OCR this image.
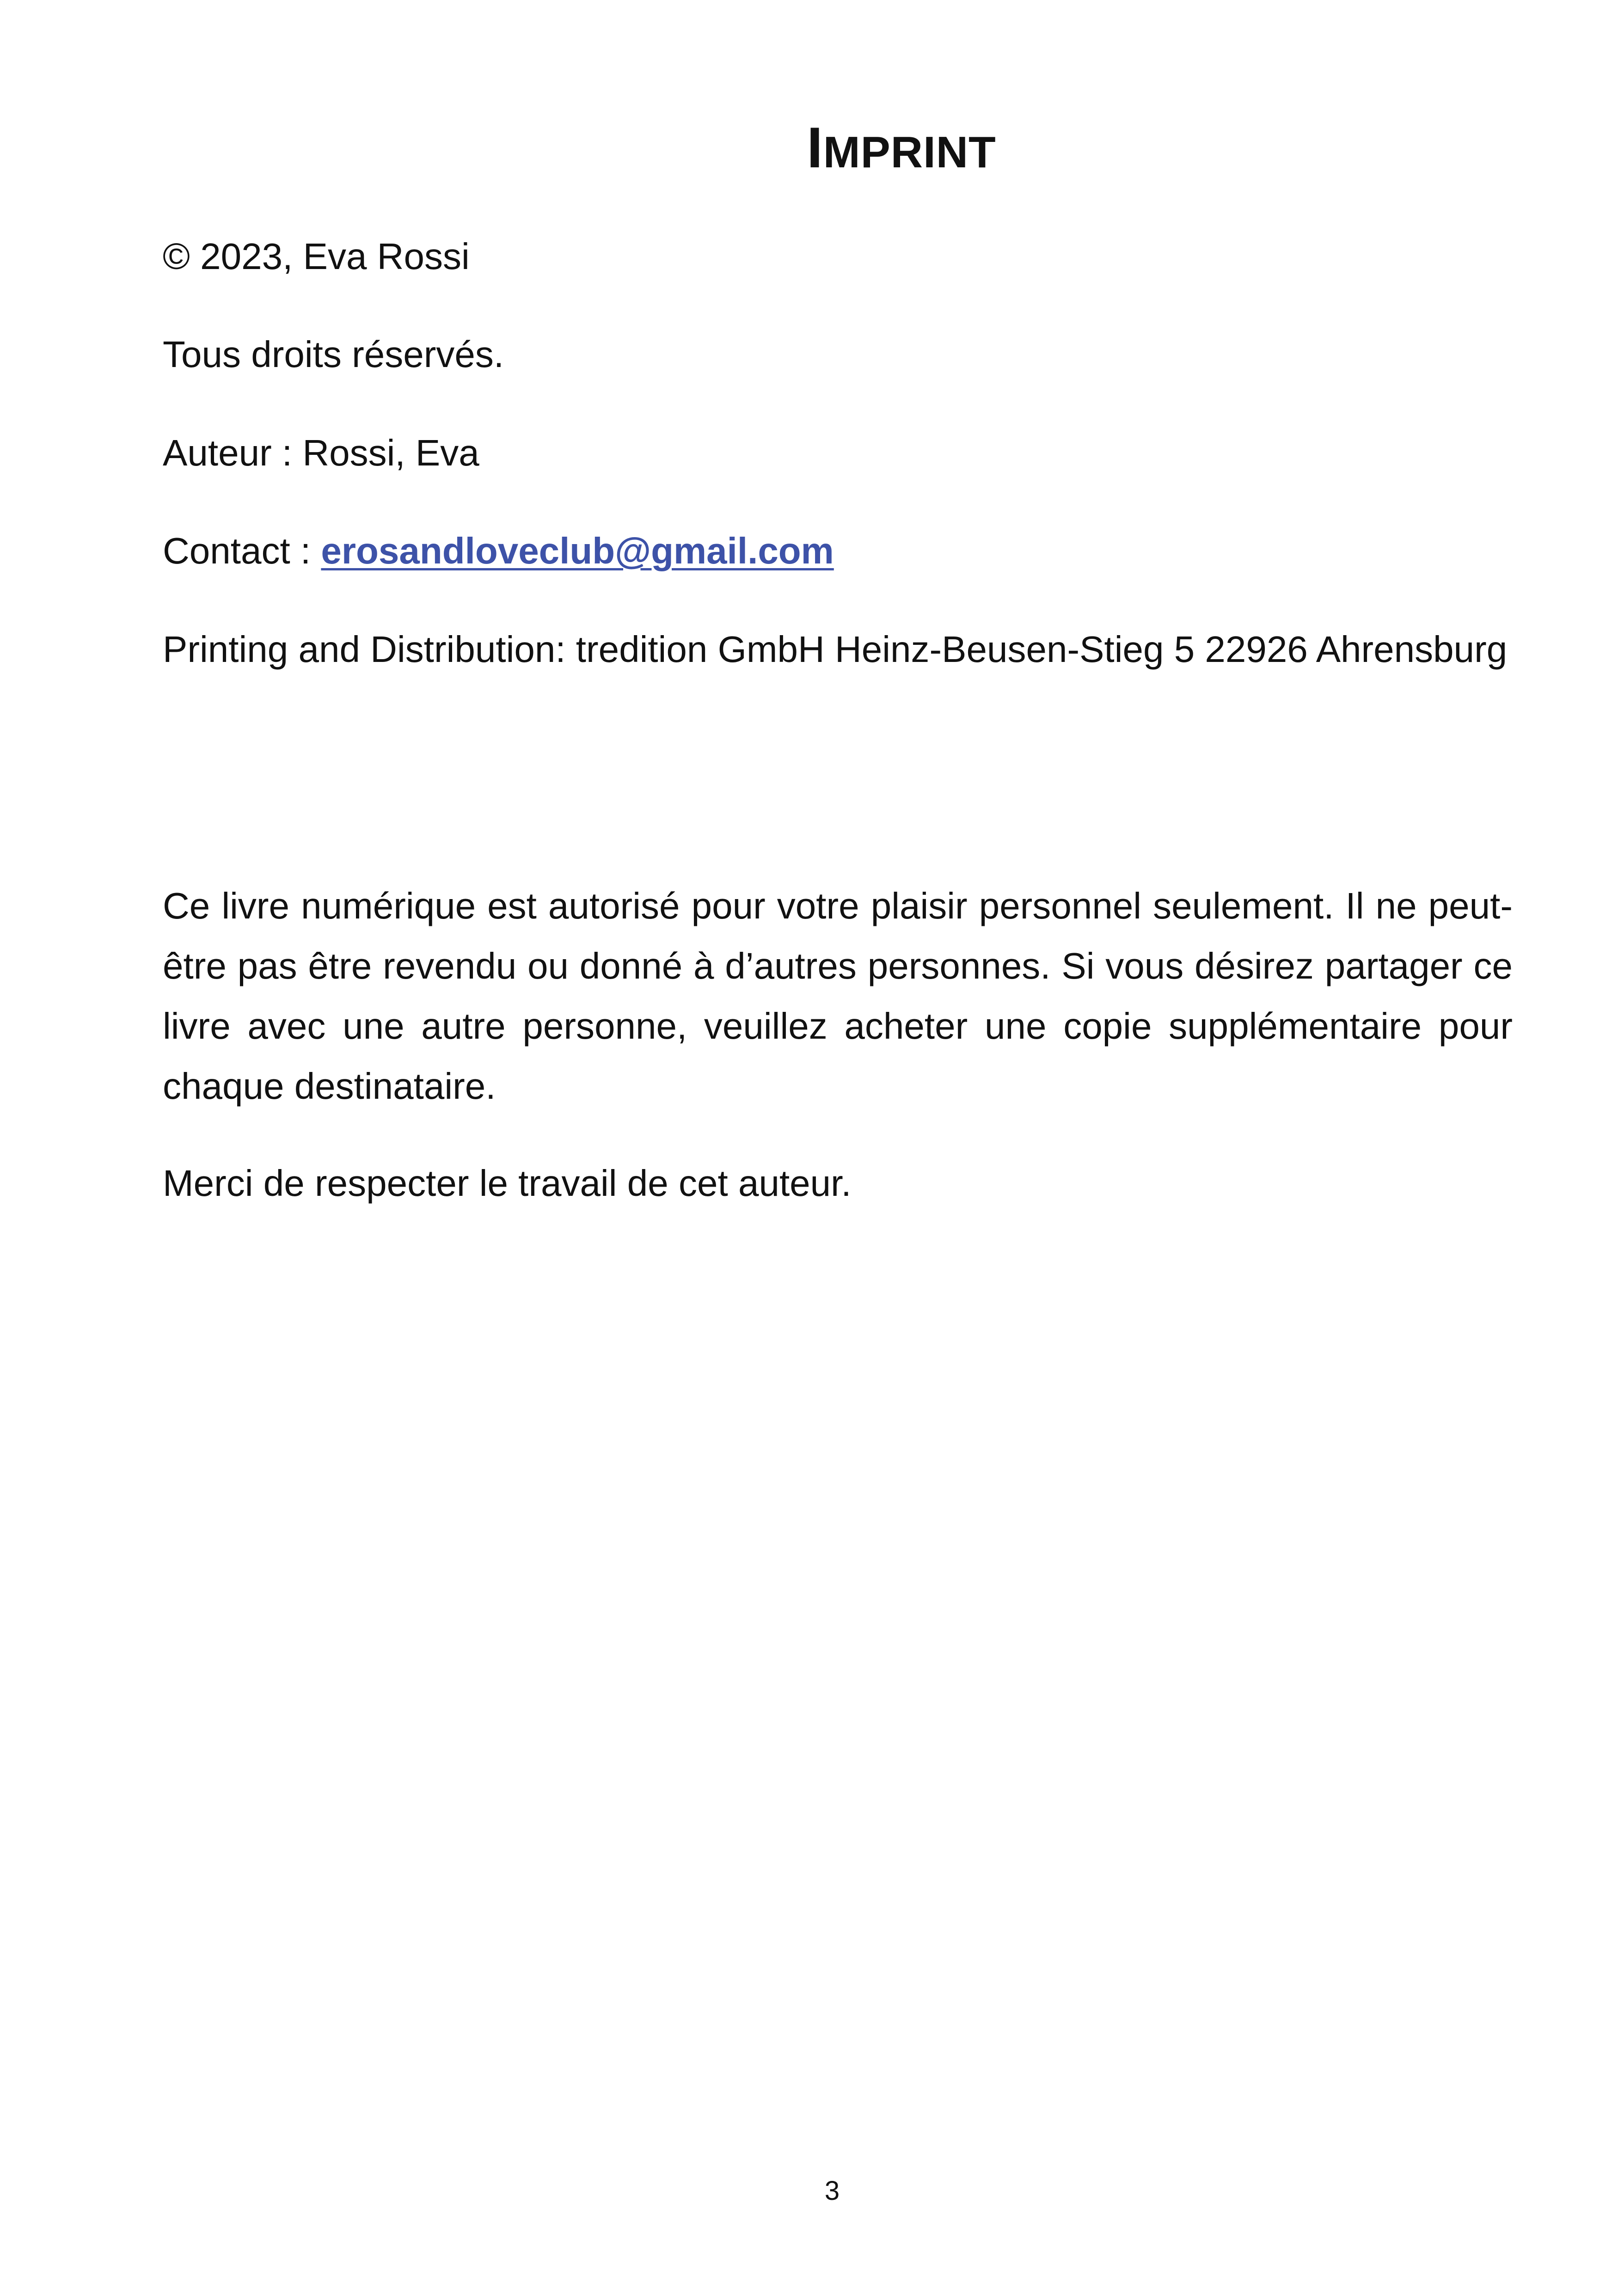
IMPRINT

© 2023, Eva Rossi

Tous droits réservés.

Auteur : Rossi, Eva

Contact : erosandloveclub@gmail.com

Printing and Distribution: tredition GmbH Heinz-Beusen-Stieg 5 22926 Ahrensburg

Ce livre numérique est autorisé pour votre plaisir personnel seulement. Il ne peut-être pas être revendu ou donné à d’autres personnes. Si vous désirez partager ce livre avec une autre personne, veuillez acheter une copie supplémentaire pour chaque destinataire.

Merci de respecter le travail de cet auteur.

3
